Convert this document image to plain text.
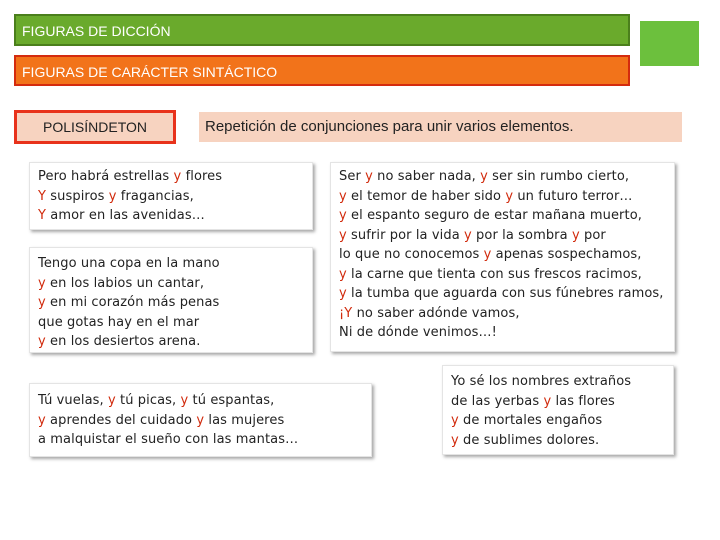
FIGURAS DE DICCIÓN
FIGURAS DE CARÁCTER SINTÁCTICO
POLISÍNDETON	Repetición de conjunciones para unir varios elementos.
Pero habrá estrellas y flores
Y suspiros y fragancias,
Y amor en las avenidas…
Tengo una copa en la mano
y en los labios un cantar,
y en mi corazón más penas
que gotas hay en el mar
y en los desiertos arena.
Ser y no saber nada, y ser sin rumbo cierto,
y el temor de haber sido y un futuro terror…
y el espanto seguro de estar mañana muerto,
y sufrir por la vida y por la sombra y por
lo que no conocemos y apenas sospechamos,
y la carne que tienta con sus frescos racimos,
y la tumba que aguarda con sus fúnebres ramos,
¡Y no saber adónde vamos,
Ni de dónde venimos…!
Tú vuelas, y tú picas, y tú espantas,
y aprendes del cuidado y las mujeres
a malquistar el sueño con las mantas…
Yo sé los nombres extraños
de las yerbas y las flores
y de mortales engaños
y de sublimes dolores.
